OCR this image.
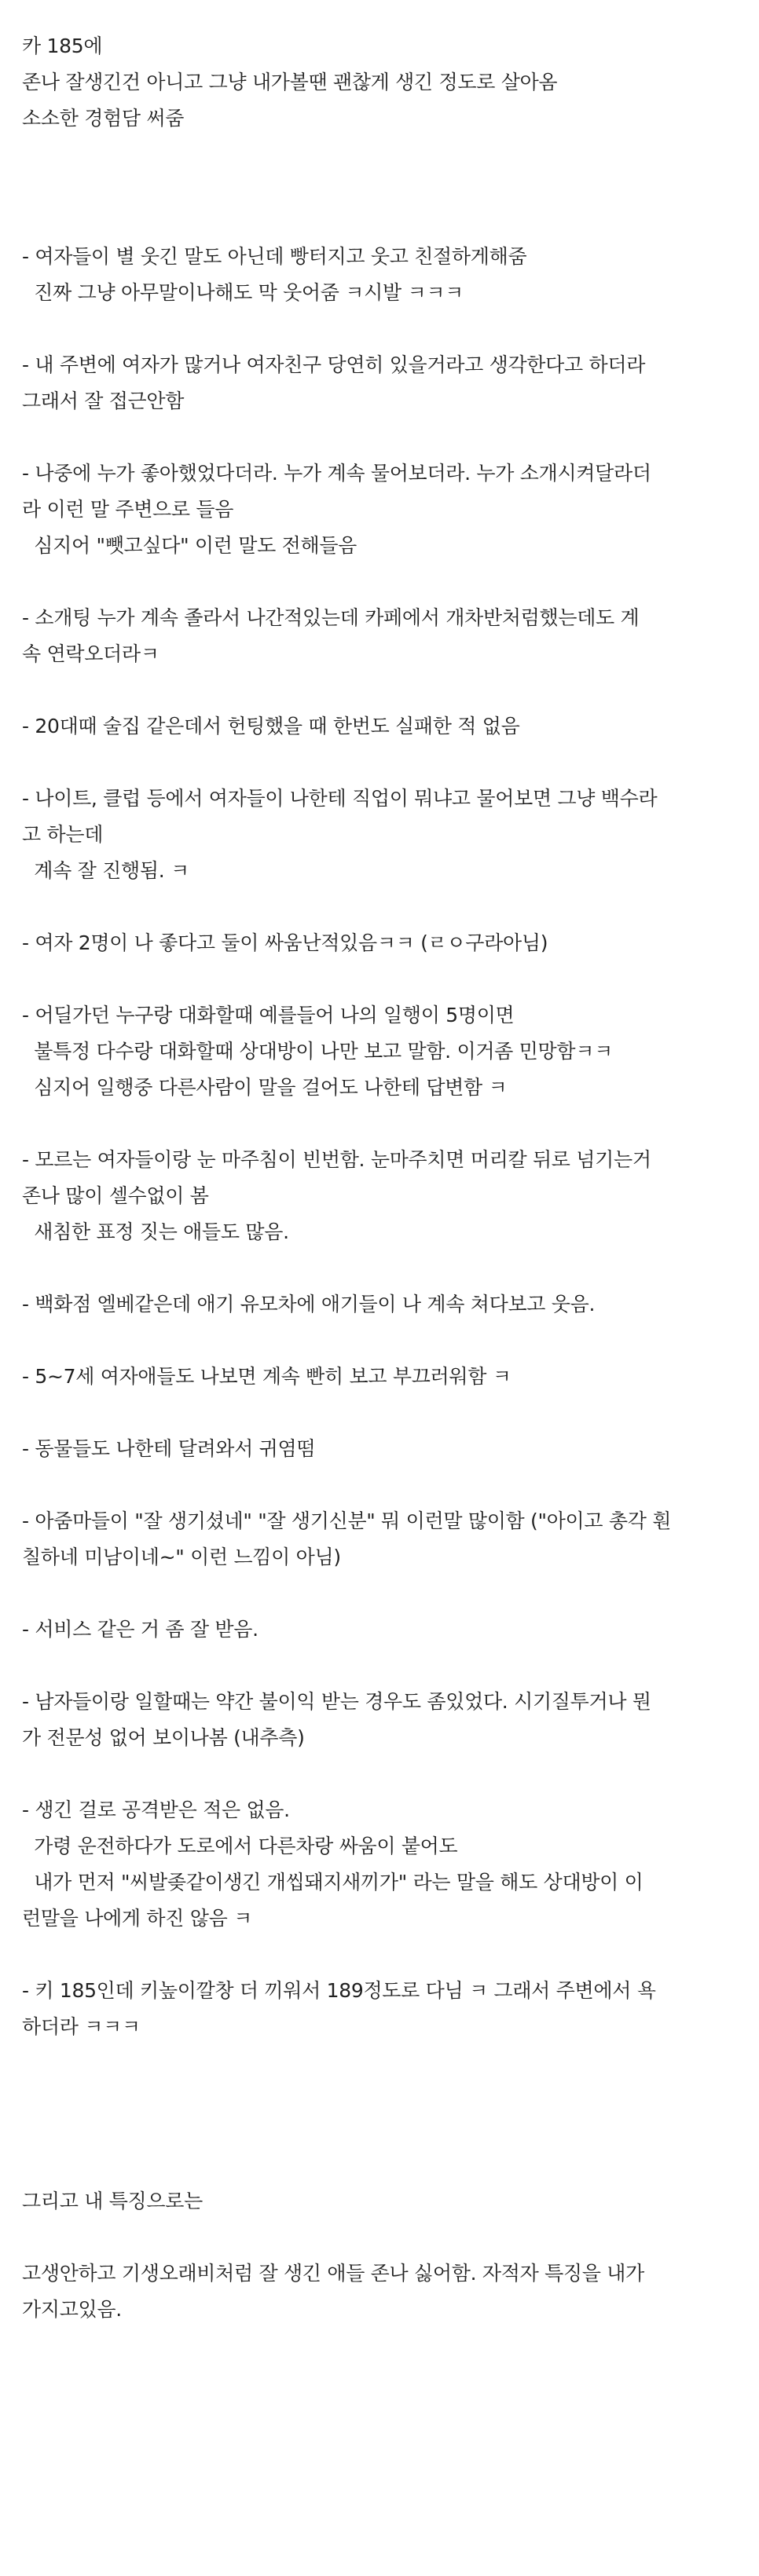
카 185에
존나 잘생긴건 아니고 그냥 내가볼땐 괜찮게 생긴 정도로 살아옴
소소한 경험담 써줌
- 여자들이 별 웃긴 말도 아닌데 빵터지고 웃고 친절하게해줌
진짜 그냥 아무말이나해도 막 웃어줌 ㅋ시발 ㅋㅋㅋ
- 내 주변에 여자가 많거나 여자친구 당연히 있을거라고 생각한다고 하더라
그래서 잘 접근안함
- 나중에 누가 좋아했었다더라. 누가 계속 물어보더라. 누가 소개시켜달라더
라 이런 말 주변으로 들음
심지어 "뺏고싶다" 이런 말도 전해들음
- 소개팅 누가 계속 졸라서 나간적있는데 카페에서 개차반처럼했는데도 계
속 연락오더라ㅋ
- 20대때 술집 같은데서 헌팅했을 때 한번도 실패한 적 없음
- 나이트, 클럽 등에서 여자들이 나한테 직업이 뭐냐고 물어보면 그냥 백수라
고 하는데
계속 잘 진행됨. ㅋ
- 여자 2명이 나 좋다고 둘이 싸움난적있음ㅋㅋ (ㄹㅇ구라아님)
- 어딜가던 누구랑 대화할때 예를들어 나의 일행이 5명이면
불특정 다수랑 대화할때 상대방이 나만 보고 말함. 이거좀 민망함ㅋㅋ
심지어 일행중 다른사람이 말을 걸어도 나한테 답변함 ㅋ
- 모르는 여자들이랑 눈 마주침이 빈번함. 눈마주치면 머리칼 뒤로 넘기는거
존나 많이 셀수없이 봄
새침한 표정 짓는 애들도 많음.
- 백화점 엘베같은데 애기 유모차에 애기들이 나 계속 쳐다보고 웃음.
- 5~7세 여자애들도 나보면 계속 빤히 보고 부끄러워함 ㅋ
- 동물들도 나한테 달려와서 귀염떰
- 아줌마들이 "잘 생기셨네" "잘 생기신분" 뭐 이런말 많이함 ("아이고 총각 훤
칠하네 미남이네~" 이런 느낌이 아님)
- 서비스 같은 거 좀 잘 받음.
- 남자들이랑 일할때는 약간 불이익 받는 경우도 좀있었다. 시기질투거나 뭔
가 전문성 없어 보이나봄 (내추측)
- 생긴 걸로 공격받은 적은 없음.
가령 운전하다가 도로에서 다른차랑 싸움이 붙어도
내가 먼저 "씨발좆같이생긴 개씹돼지새끼가" 라는 말을 해도 상대방이 이
런말을 나에게 하진 않음 ㅋ
- 키 185인데 키높이깔창 더 끼워서 189정도로 다님 ㅋ 그래서 주변에서 욕
하더라 ㅋㅋㅋ
그리고 내 특징으로는
고생안하고 기생오래비처럼 잘 생긴 애들 존나 싫어함. 자적자 특징을 내가
가지고있음.
